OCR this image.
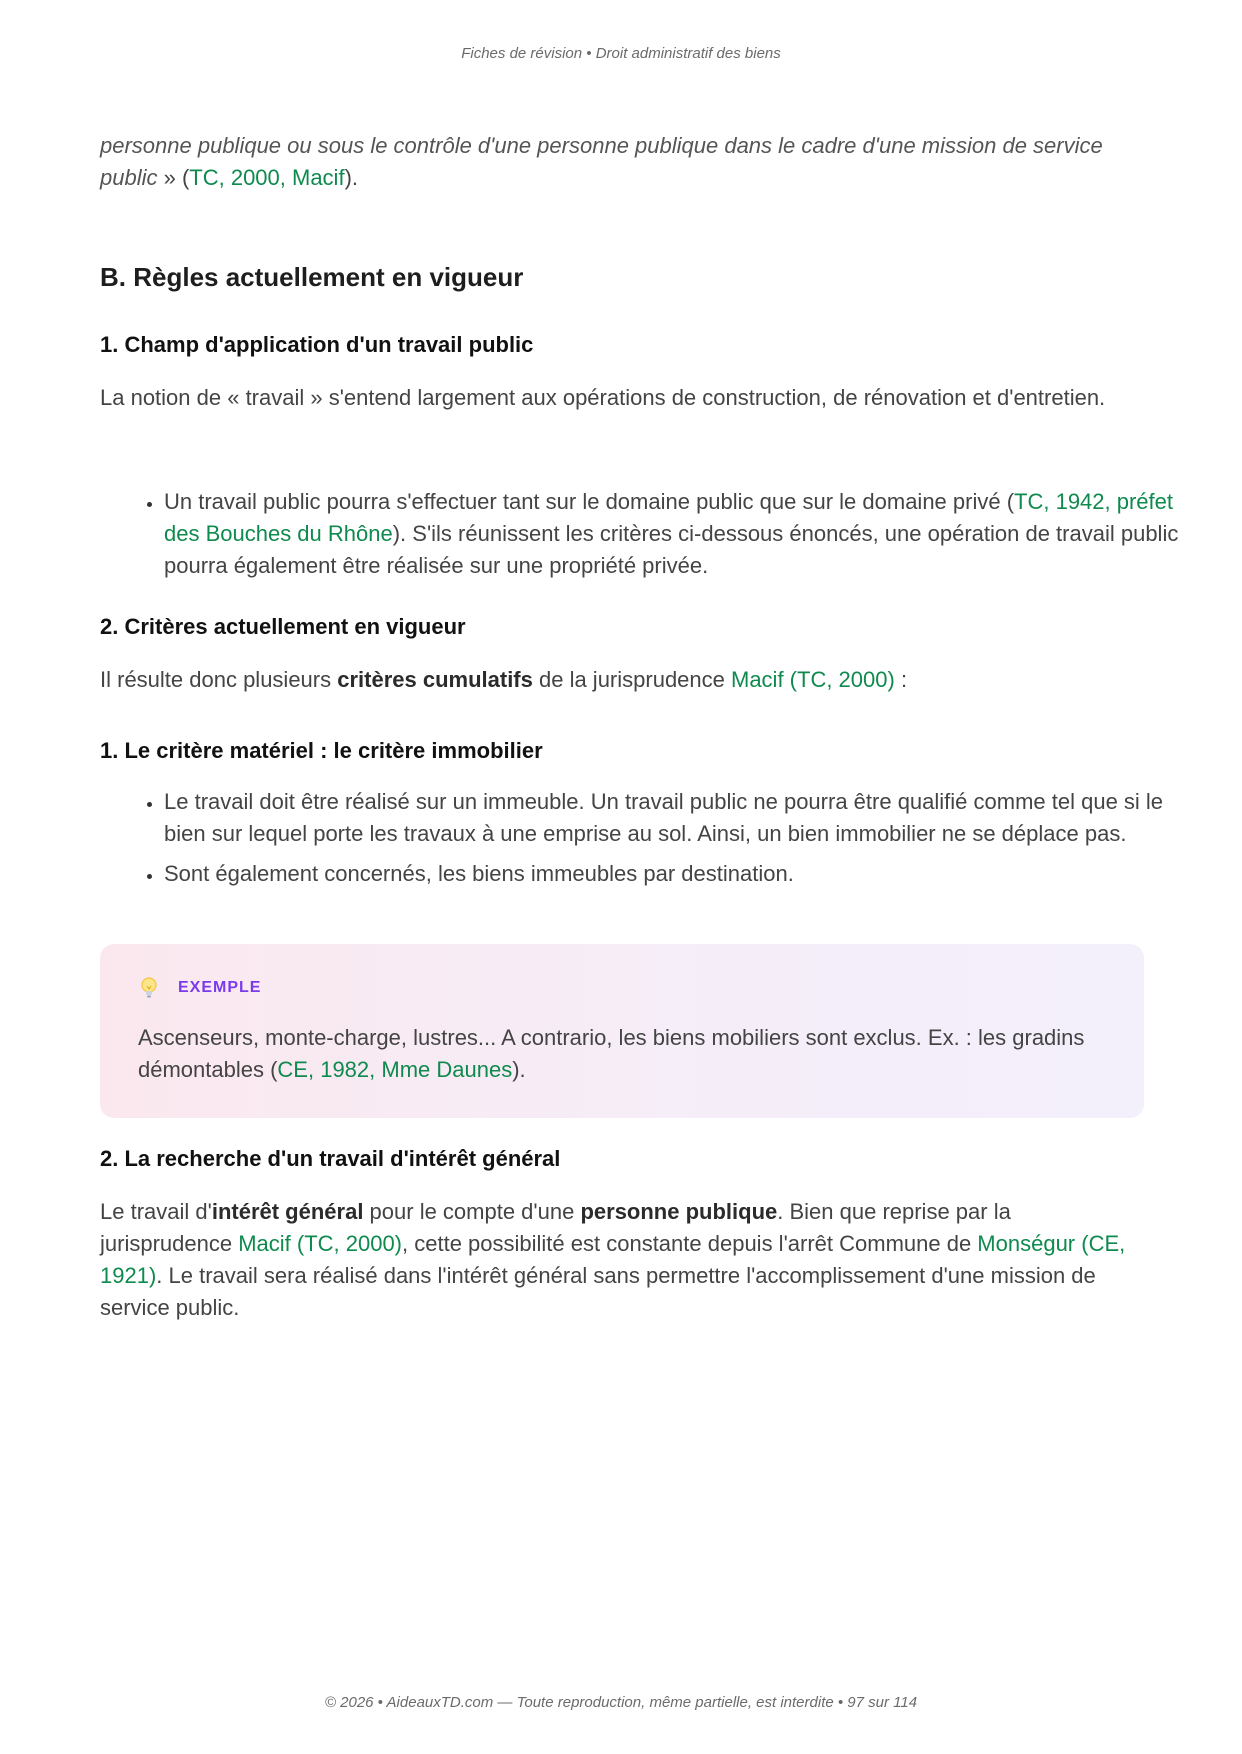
Fiches de révision • Droit administratif des biens

personne publique ou sous le contrôle d'une personne publique dans le cadre d'une mission de service public » (TC, 2000, Macif).

B. Règles actuellement en vigueur
1. Champ d'application d'un travail public

La notion de « travail » s'entend largement aux opérations de construction, de rénovation et d'entretien.

• Un travail public pourra s'effectuer tant sur le domaine public que sur le domaine privé (TC, 1942, préfet des Bouches du Rhône). S'ils réunissent les critères ci-dessous énoncés, une opération de travail public pourra également être réalisée sur une propriété privée.
2. Critères actuellement en vigueur

Il résulte donc plusieurs critères cumulatifs de la jurisprudence Macif (TC, 2000) :

1. Le critère matériel : le critère immobilier
• Le travail doit être réalisé sur un immeuble. Un travail public ne pourra être qualifié comme tel que si le bien sur lequel porte les travaux à une emprise au sol. Ainsi, un bien immobilier ne se déplace pas.
• Sont également concernés, les biens immeubles par destination.
EXEMPLE

Ascenseurs, monte-charge, lustres... A contrario, les biens mobiliers sont exclus. Ex. : les gradins démontables (CE, 1982, Mme Daunes).

2. La recherche d'un travail d'intérêt général

Le travail d'intérêt général pour le compte d'une personne publique. Bien que reprise par la jurisprudence Macif (TC, 2000), cette possibilité est constante depuis l'arrêt Commune de Monségur (CE, 1921). Le travail sera réalisé dans l'intérêt général sans permettre l'accomplissement d'une mission de service public.

© 2026 • AideauxTD.com — Toute reproduction, même partielle, est interdite • 97 sur 114
